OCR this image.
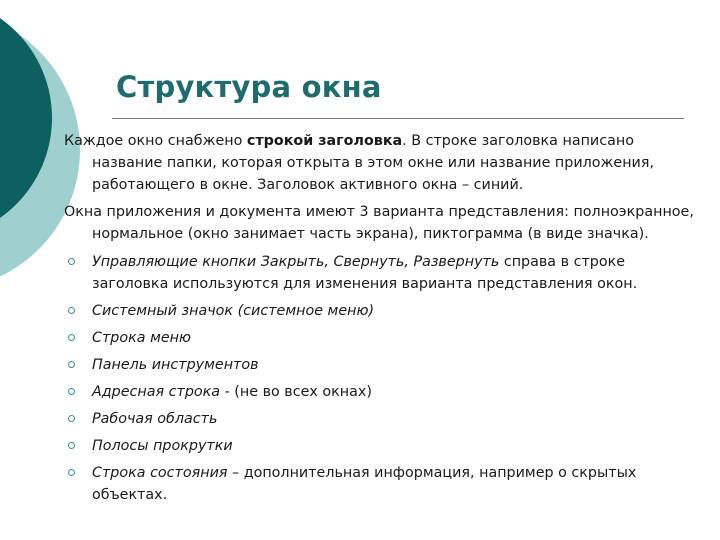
Структура окна

Каждое окно снабжено строкой заголовка. В строке заголовка написано название папки, которая открыта в этом окне или название приложения, работающего в окне. Заголовок активного окна – синий.

Окна приложения и документа имеют 3 варианта представления: полноэкранное, нормальное (окно занимает часть экрана), пиктограмма (в виде значка).

Управляющие кнопки Закрыть, Свернуть, Развернуть справа в строке заголовка используются для изменения варианта представления окон.
Системный значок (системное меню)
Строка меню
Панель инструментов
Адресная строка - (не во всех окнах)
Рабочая область
Полосы прокрутки
Строка состояния – дополнительная информация, например о скрытых объектах.
